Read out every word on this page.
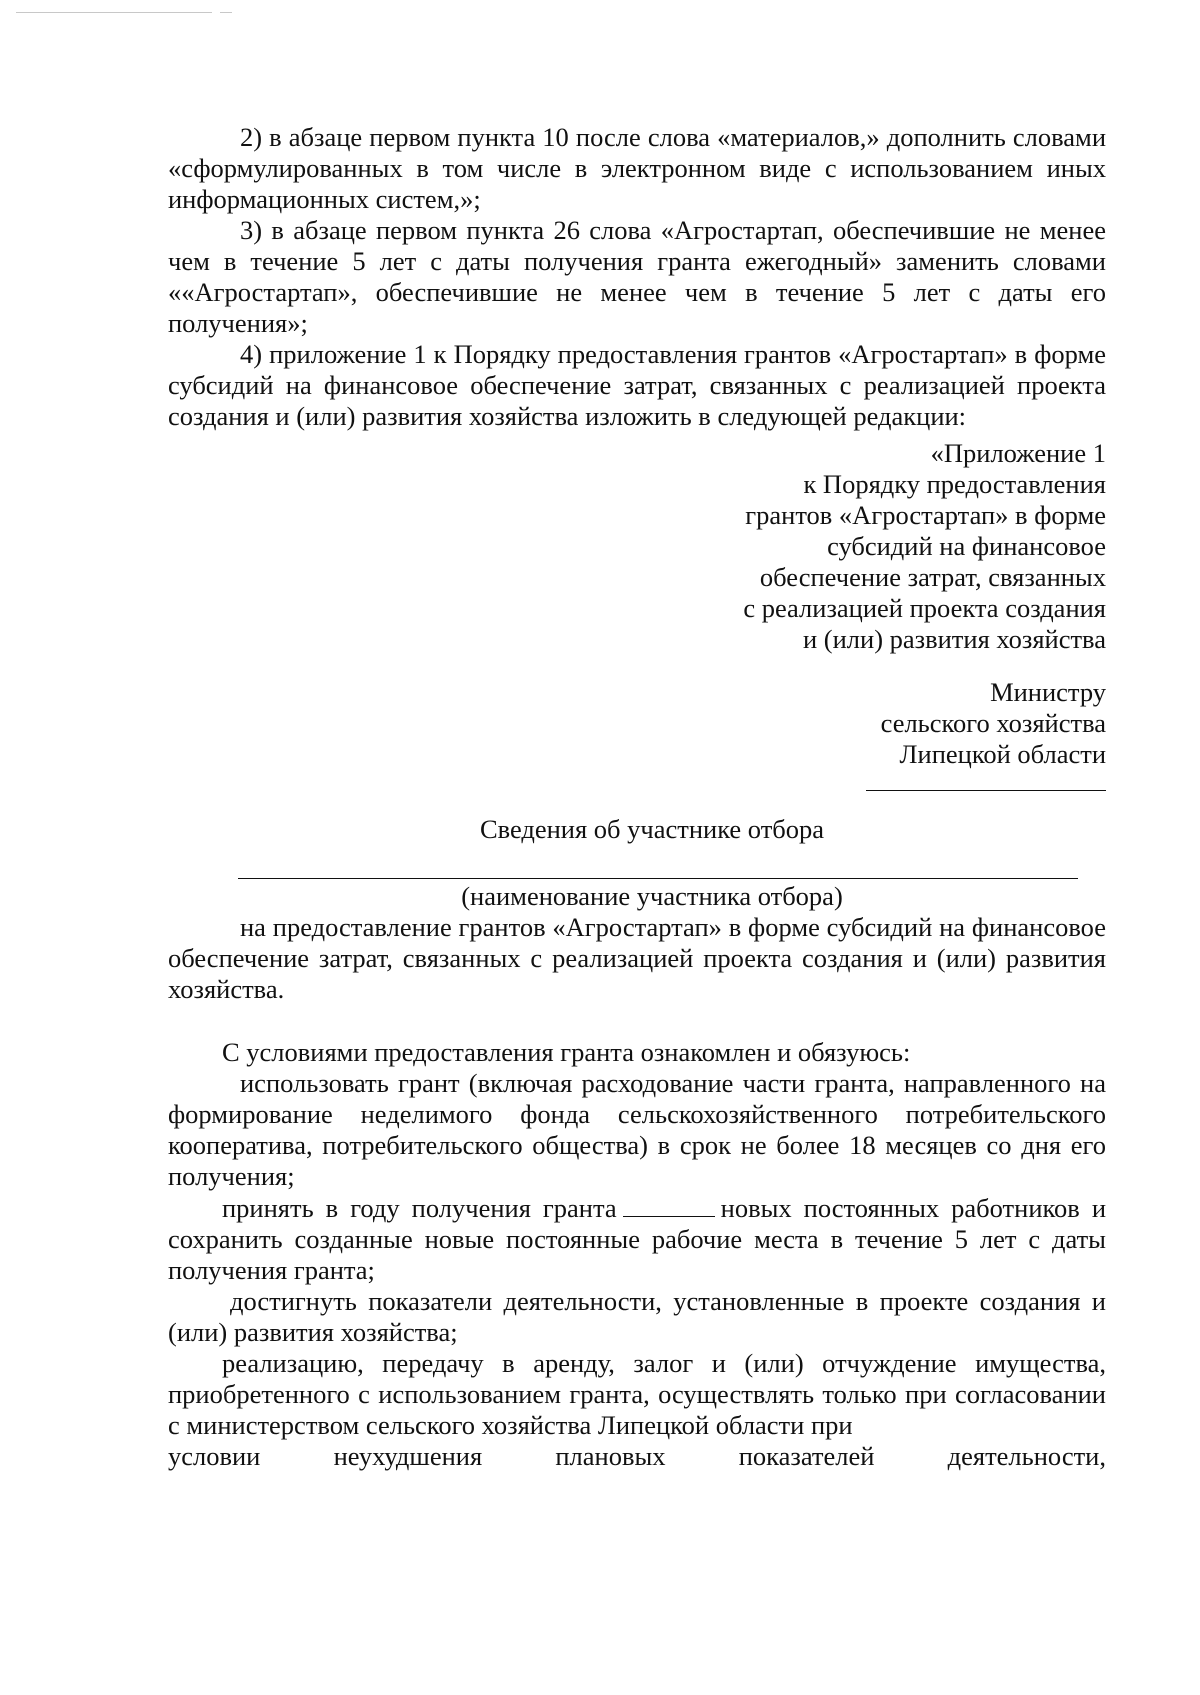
2) в абзаце первом пункта 10 после слова «материалов,» дополнить словами «сформулированных в том числе в электронном виде с использованием иных информационных систем,»;

3) в абзаце первом пункта 26 слова «Агростартап, обеспечившие не менее чем в течение 5 лет с даты получения гранта ежегодный» заменить словами ««Агростартап», обеспечившие не менее чем в течение 5 лет с даты его получения»;

4) приложение 1 к Порядку предоставления грантов «Агростартап» в форме субсидий на финансовое обеспечение затрат, связанных с реализацией проекта создания и (или) развития хозяйства изложить в следующей редакции:

«Приложение 1
к Порядку предоставления
грантов «Агростартап» в форме
субсидий на финансовое
обеспечение затрат, связанных
с реализацией проекта создания
и (или) развития хозяйства
Министру
сельского хозяйства
Липецкой области

Сведения об участнике отбора

(наименование участника отбора)

на предоставление грантов «Агростартап» в форме субсидий на финансовое обеспечение затрат, связанных с реализацией проекта создания и (или) развития хозяйства.

С условиями предоставления гранта ознакомлен и обязуюсь:

использовать грант (включая расходование части гранта, направленного на формирование неделимого фонда сельскохозяйственного потребительского кооператива, потребительского общества) в срок не более 18 месяцев со дня его получения;

принять в году получения гранта	новых постоянных работников и сохранить созданные новые постоянные рабочие места в течение 5 лет с даты получения гранта;

достигнуть показатели деятельности, установленные в проекте создания и (или) развития хозяйства;

реализацию, передачу в аренду, залог и (или) отчуждение имущества, приобретенного с использованием гранта, осуществлять только при согласовании с министерством сельского хозяйства Липецкой области при

условии	неухудшения	плановых	показателей	деятельности,
